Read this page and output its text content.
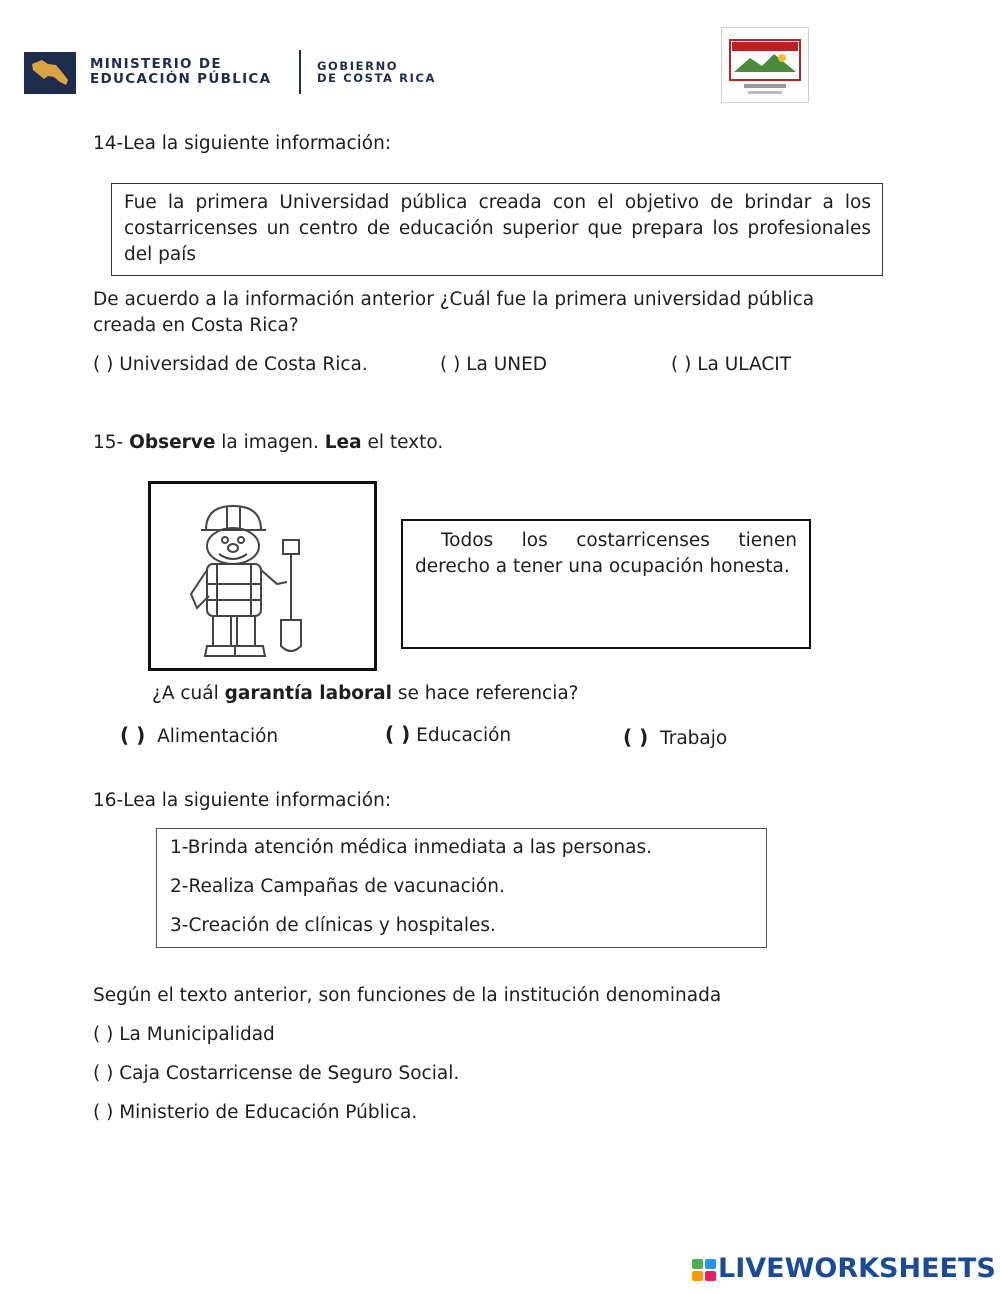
MINISTERIO DE
EDUCACIÓN PÚBLICA
GOBIERNO
DE COSTA RICA
14-Lea la siguiente información:
Fue la primera Universidad pública creada con el objetivo de brindar a los costarricenses un centro de educación superior que prepara los profesionales del país
De acuerdo a la información anterior ¿Cuál fue la primera universidad pública
creada en Costa Rica?
( ) Universidad de Costa Rica.	( ) La UNED	( ) La ULACIT
15- Observe la imagen. Lea el texto.
Todos los costarricenses tienen derecho a tener una ocupación honesta.
¿A cuál garantía laboral se hace referencia?
( ) Alimentación	( ) Educación	( ) Trabajo
16-Lea la siguiente información:
1-Brinda atención médica inmediata a las personas.
2-Realiza Campañas de vacunación.
3-Creación de clínicas y hospitales.
Según el texto anterior, son funciones de la institución denominada
( ) La Municipalidad
( ) Caja Costarricense de Seguro Social.
( ) Ministerio de Educación Pública.
LIVEWORKSHEETS
